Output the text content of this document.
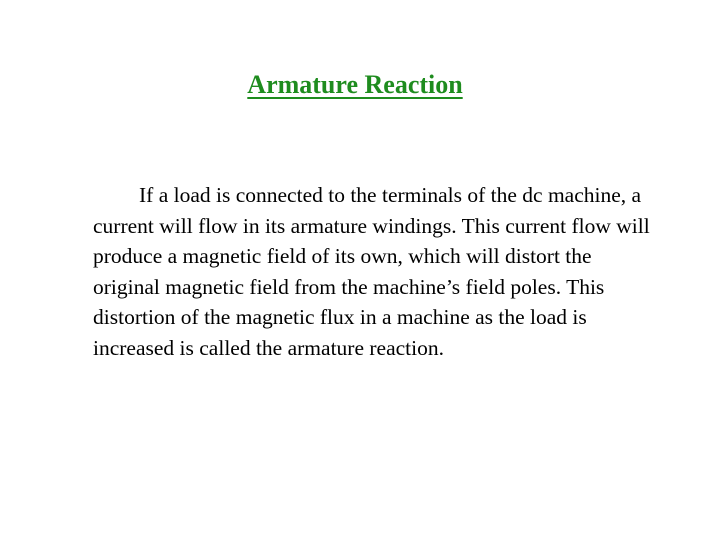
Armature Reaction

If a load is connected to the terminals of the dc machine, a current will flow in its armature windings. This current flow will produce a magnetic field of its own, which will distort the original magnetic field from the machine’s field poles. This distortion of the magnetic flux in a machine as the load is increased is called the armature reaction.
